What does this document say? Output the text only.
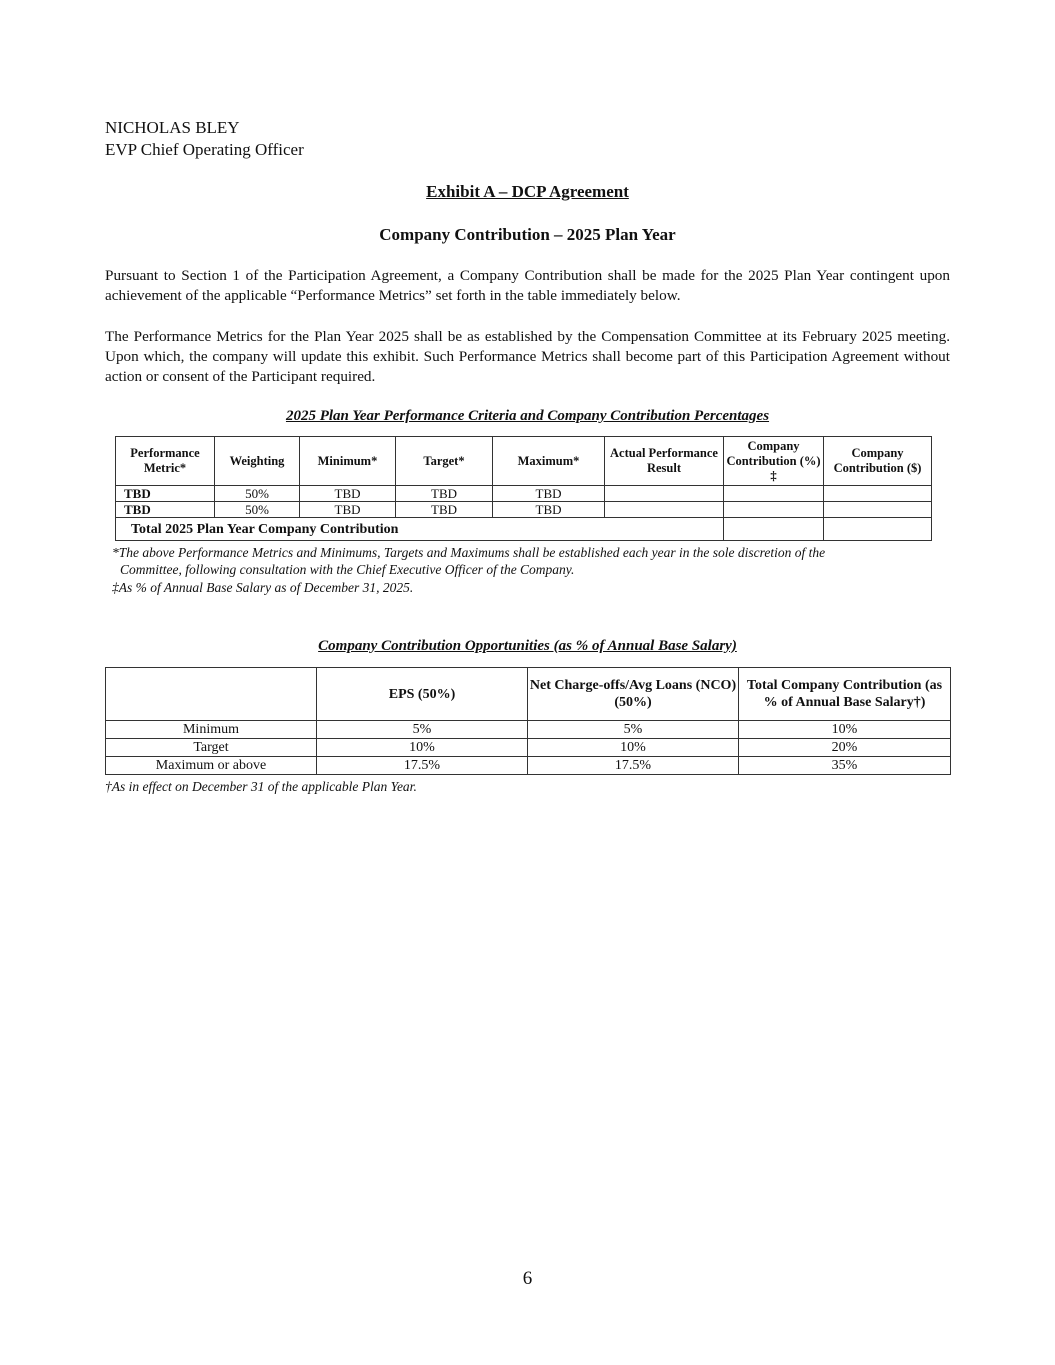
NICHOLAS BLEY
EVP Chief Operating Officer
Exhibit A – DCP Agreement
Company Contribution – 2025 Plan Year
Pursuant to Section 1 of the Participation Agreement, a Company Contribution shall be made for the 2025 Plan Year contingent upon achievement of the applicable “Performance Metrics” set forth in the table immediately below.
The Performance Metrics for the Plan Year 2025 shall be as established by the Compensation Committee at its February 2025 meeting. Upon which, the company will update this exhibit. Such Performance Metrics shall become part of this Participation Agreement without action or consent of the Participant required.
2025 Plan Year Performance Criteria and Company Contribution Percentages
Performance Metric*	Weighting	Minimum*	Target*	Maximum*	Actual Performance Result	Company Contribution (%) ‡	Company Contribution ($)
TBD	50%	TBD	TBD	TBD			
TBD	50%	TBD	TBD	TBD			
Total 2025 Plan Year Company Contribution							
*The above Performance Metrics and Minimums, Targets and Maximums shall be established each year in the sole discretion of the
Committee, following consultation with the Chief Executive Officer of the Company.
‡As % of Annual Base Salary as of December 31, 2025.
Company Contribution Opportunities (as % of Annual Base Salary)
	EPS (50%)	Net Charge-offs/Avg Loans (NCO) (50%)	Total Company Contribution (as % of Annual Base Salary†)
Minimum	5%	5%	10%
Target	10%	10%	20%
Maximum or above	17.5%	17.5%	35%
†As in effect on December 31 of the applicable Plan Year.
6
